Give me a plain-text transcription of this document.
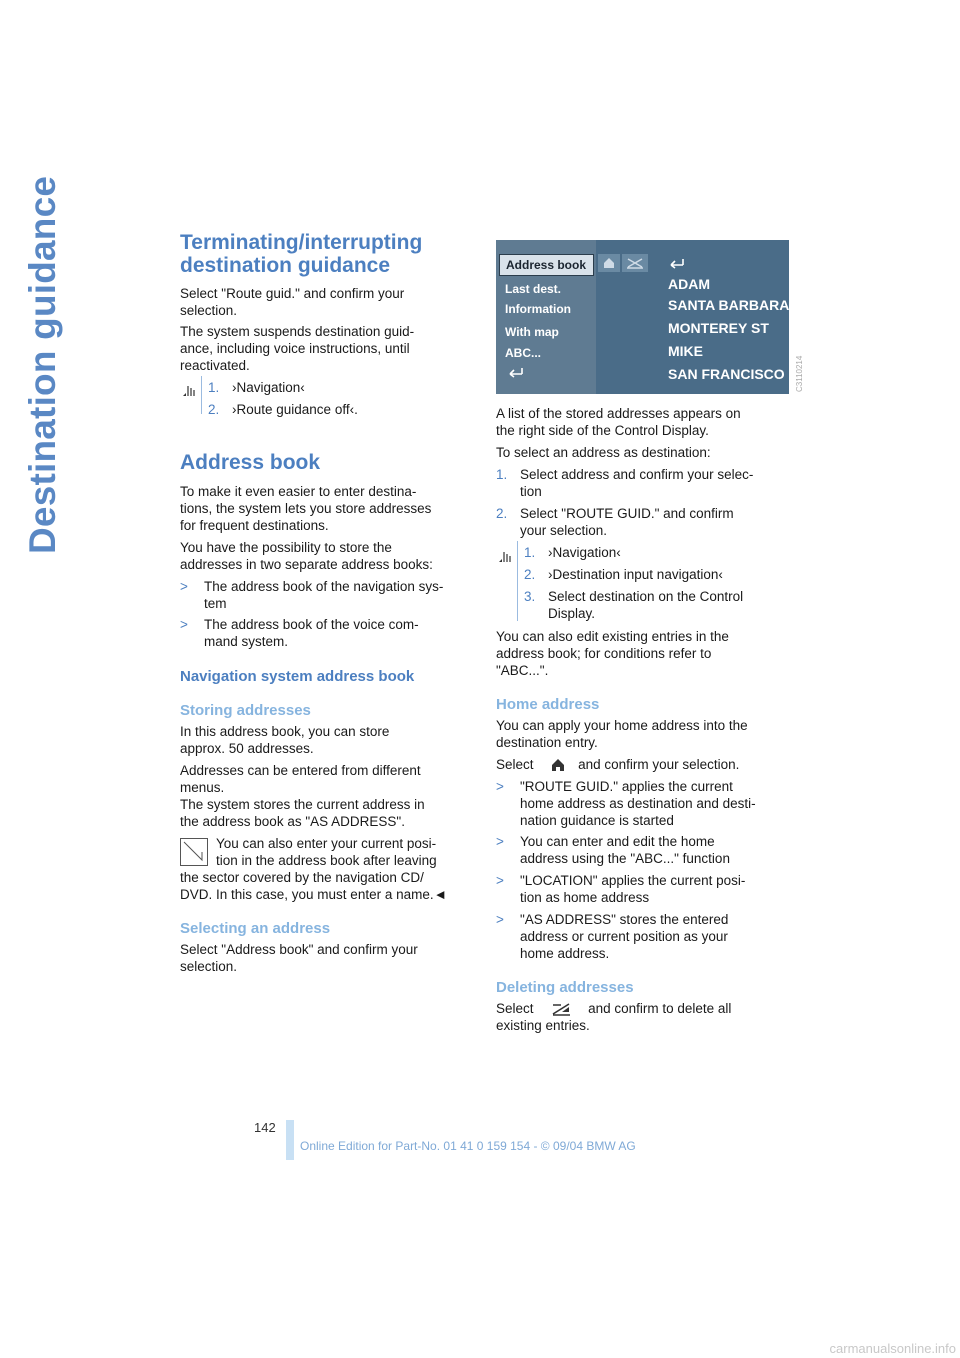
Destination guidance	Terminating/interrupting
destination guidance
Select "Route guid." and confirm your
selection.
The system suspends destination guid-
ance, including voice instructions, until
reactivated.
1. ›Navigation‹
2. ›Route guidance off‹.
Address book
To make it even easier to enter destina-
tions, the system lets you store addresses
for frequent destinations.
You have the possibility to store the
addresses in two separate address books:
> The address book of the navigation sys-
tem
> The address book of the voice com-
mand system.
Navigation system address book
Storing addresses
In this address book, you can store
approx. 50 addresses.
Addresses can be entered from different
menus.
The system stores the current address in
the address book as "AS ADDRESS".
You can also enter your current posi-
tion in the address book after leaving
the sector covered by the navigation CD/
DVD. In this case, you must enter a name.◄
Selecting an address
Select "Address book" and confirm your
selection.
Address book
Last dest.
Information
With map
ABC...
ADAM
SANTA BARBARA
MONTEREY ST
MIKE
SAN FRANCISCO C3110214
A list of the stored addresses appears on
the right side of the Control Display.
To select an address as destination:
1. Select address and confirm your selec-
tion
2. Select "ROUTE GUID." and confirm
your selection.
1. ›Navigation‹
2. ›Destination input navigation‹
3. Select destination on the Control
Display.
You can also edit existing entries in the
address book; for conditions refer to
"ABC...".
Home address
You can apply your home address into the
destination entry.
Select	and confirm your selection.
> "ROUTE GUID." applies the current
home address as destination and desti-
nation guidance is started
> You can enter and edit the home
address using the "ABC..." function
> "LOCATION" applies the current posi-
tion as home address
> "AS ADDRESS" stores the entered
address or current position as your
home address.
Deleting addresses
Select	and confirm to delete all
existing entries.
142
Online Edition for Part-No. 01 41 0 159 154 - © 09/04 BMW AG
carmanualsonline.info
